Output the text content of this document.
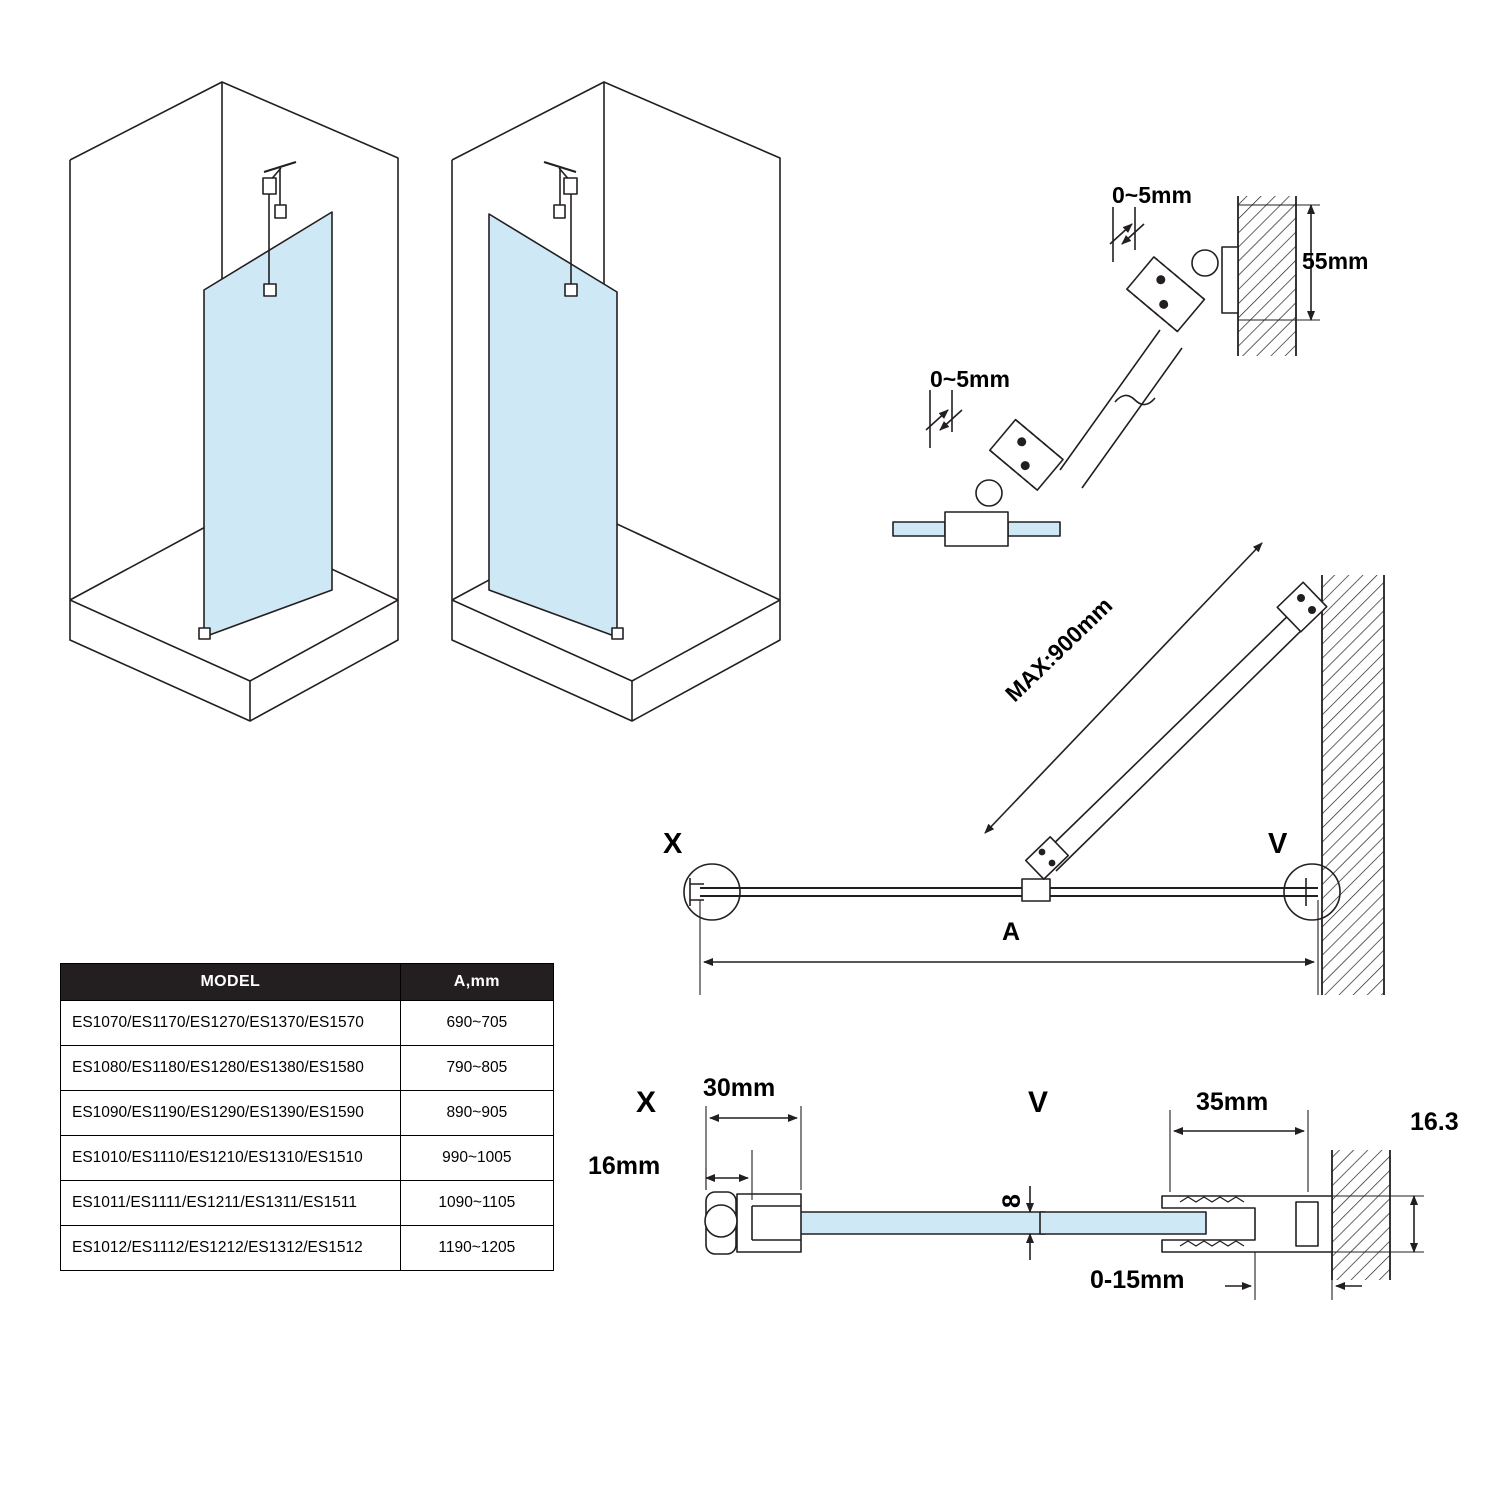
0~5mm
0~5mm
55mm
MAX:900mm
A
X	V
X 30mm
16mm
V	35mm
16.3
8
0-15mm
MODEL	A,mm
ES1070/ES1170/ES1270/ES1370/ES1570	690~705
ES1080/ES1180/ES1280/ES1380/ES1580	790~805
ES1090/ES1190/ES1290/ES1390/ES1590	890~905
ES1010/ES1110/ES1210/ES1310/ES1510	990~1005
ES1011/ES1111/ES1211/ES1311/ES1511	1090~1105
ES1012/ES1112/ES1212/ES1312/ES1512	1190~1205
